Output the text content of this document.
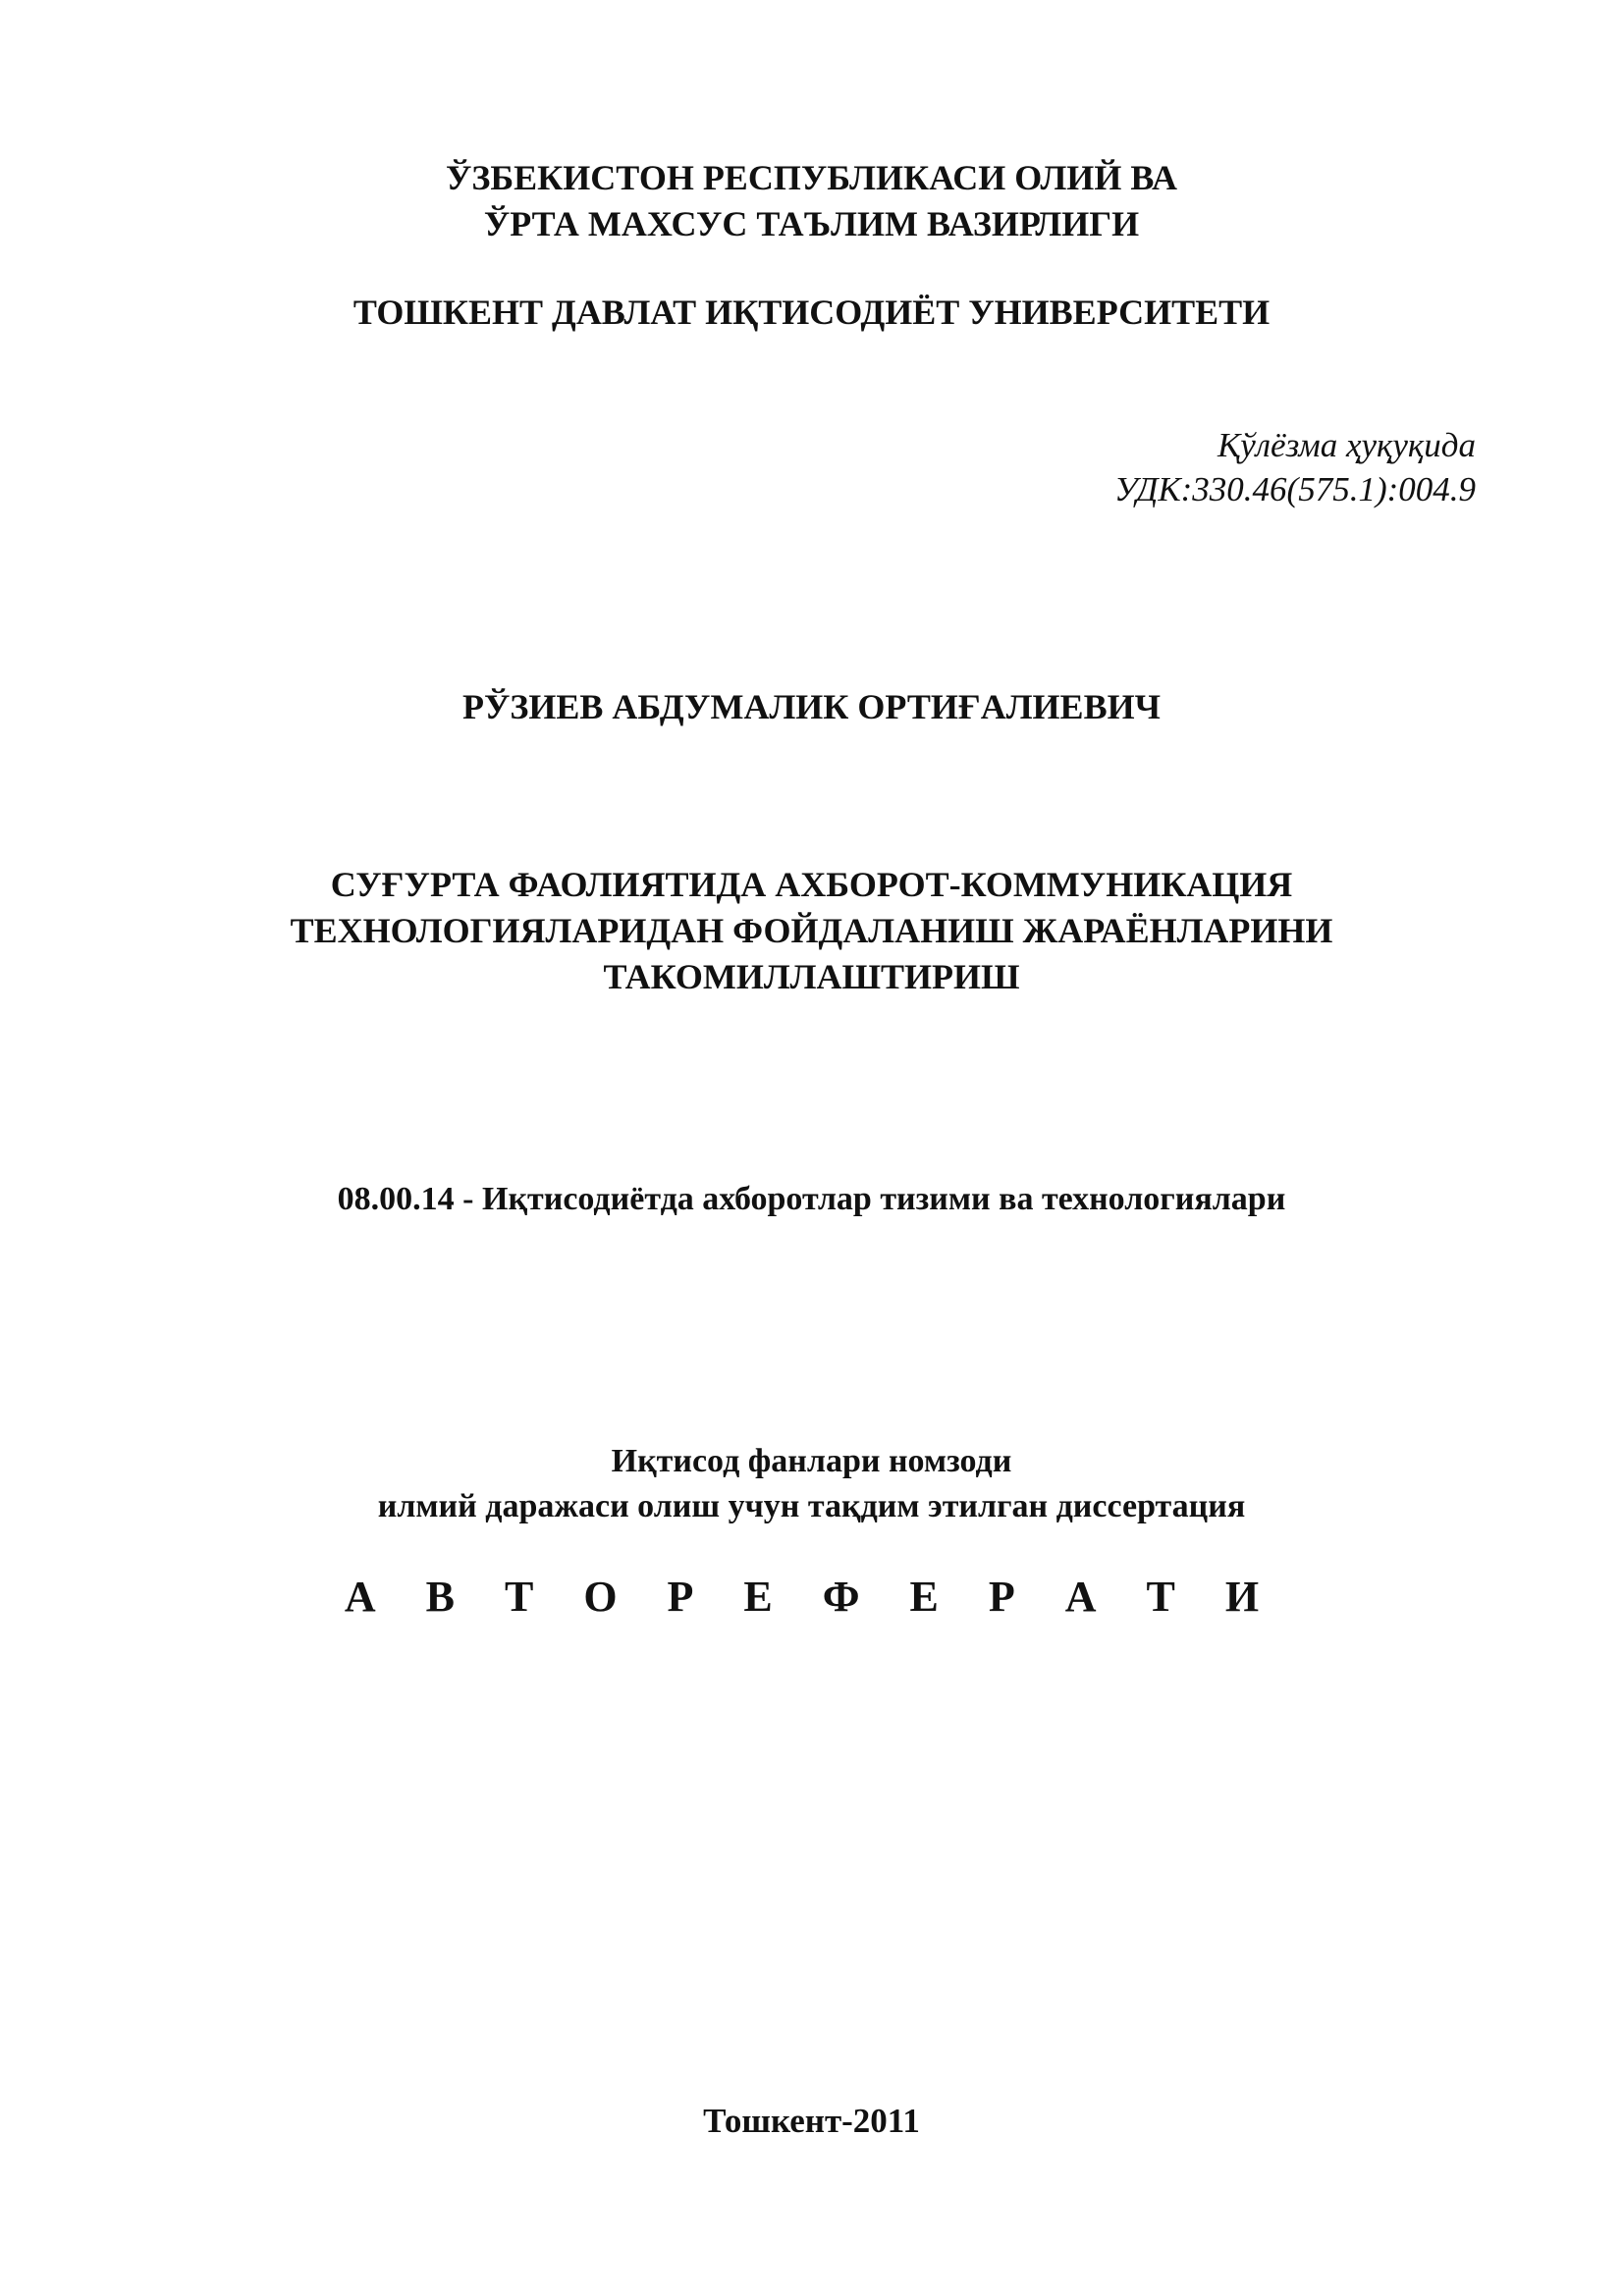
ЎЗБЕКИСТОН РЕСПУБЛИКАСИ ОЛИЙ ВА
ЎРТА МАХСУС ТАЪЛИМ ВАЗИРЛИГИ
ТОШКЕНТ ДАВЛАТ ИҚТИСОДИЁТ УНИВЕРСИТЕТИ
Қўлёзма ҳуқуқида
УДК:330.46(575.1):004.9
РЎЗИЕВ АБДУМАЛИК ОРТИҒАЛИЕВИЧ
СУҒУРТА ФАОЛИЯТИДА АХБОРОТ-КОММУНИКАЦИЯ
ТЕХНОЛОГИЯЛАРИДАН ФОЙДАЛАНИШ ЖАРАЁНЛАРИНИ
ТАКОМИЛЛАШТИРИШ
08.00.14 - Иқтисодиётда ахборотлар тизими ва технологиялари
Иқтисод фанлари номзоди
илмий даражаси олиш учун тақдим этилган диссертация
А В Т О Р Е Ф Е Р А Т И
Тошкент-2011
